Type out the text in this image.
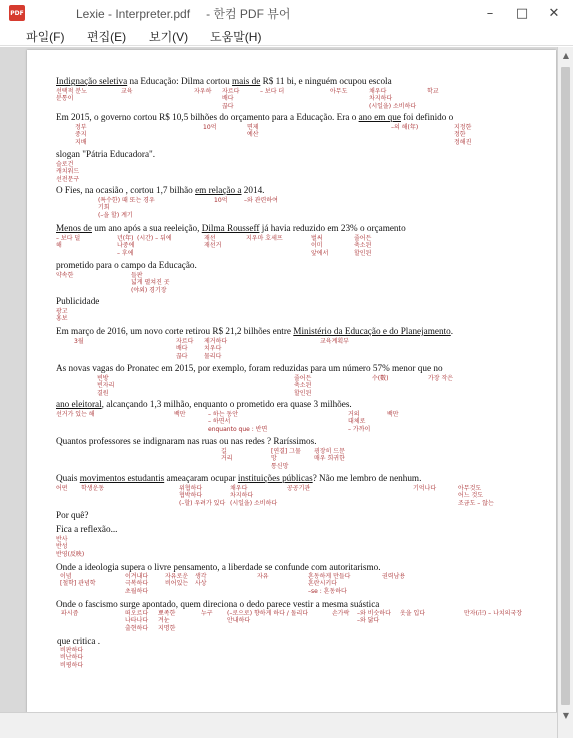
PDF	Lexie - Interpreter.pdf - 한컴 PDF 뷰어	–	□	✕
파일(F) 편집(E) 보기(V) 도움말(H)
Indignação seletiva na Educação: Dilma cortou mais de R$ 11 bi, e ninguém ocupou escola
Em 2015, o governo cortou R$ 10,5 bilhões do orçamento para a Educação. Era o ano em que foi definido o
slogan "Pátria Educadora".
O Fies, na ocasião , cortou 1,7 bilhão em relação a 2014.
Menos de um ano após a sua reeleição, Dilma Rousseff já havia reduzido em 23% o orçamento
prometido para o campo da Educação.
Publicidade
Em março de 2016, um novo corte retirou R$ 21,2 bilhões entre Ministério da Educação e do Planejamento.
As novas vagas do Pronatec em 2015, por exemplo, foram reduzidas para um número 57% menor que no
ano eleitoral, alcançando 1,3 milhão, enquanto o prometido era quase 3 milhões.
Quantos professores se indignaram nas ruas ou nas redes ? Raríssimos.
Quais movimentos estudantis ameaçaram ocupar instituições públicas? Não me lembro de nenhum.
Por quê?
Fica a reflexão...
Onde a ideologia supera o livre pensamento, a liberdade se confunde com autoritarismo.
Onde o fascismo surge apontado, quem direciona o dedo parece vestir a mesma suástica
que critica .
선택적 분노
분통이
교육	자우하 자르다
배다
끊다
– 보다 더	아무도	채우다
차지하다
(시일을) 소비하다
학교
정부
중지
지배
10억	면제
예산
–의 해(年)	지정한
정한
정해진
슬로건
캐치워드
선전문구
(특수한) 때 또는 경우
기회
(–을 할) 계기
10억	–와 관련하여
– 보다 덜
해
년(年)
나중에
– 후에
(시간) – 뒤에	재선
재선거
지우마 호세프	벌써
이미
앞에서
줄어든
축소된
할인된
약속한	들판
넓게 펼쳐진 곳
(야외) 경기장
광고
홍보
3월	자르다
배다
끊다
제거하다
치우다
물리다
교육계획부
빈방
빈자리
결원
줄어든
축소된
할인된
수(數)	가장 작은
선거가 있는 해	백만	– 하는 동안
– 하면서
enquanto que : 반면
거의
대체로
– 가까이
백만
길
거리
[연결] 그물
망
통신망
굉장히 드문
매우 희귀한
어떤 학생운동	위협하다
협박하다
(–할) 우려가 있다
채우다
차지하다
(시일을) 소비하다
공공기관	기억나다	아무것도
어느 것도
조금도 – 않는
반사
반성
반영(反映)
이념
[철학] 관념학
이겨내다
극복하다
초월하다
자유로운
비어있는
생각
사상
자유	혼동하게 만들다
혼란시키다
–se : 혼동하다
권력남용
파시즘	떠오르다
나타나다
출현하다
뾰족한
겨눈
지명한
누구 (–로으로) 향하게 하다 / 돌리다
안내하다
손가락 –와 비슷하다
–와 닮다
옷을 입다	만자(卍) – 나치의국장
비판하다
비난하다
비평하다
▲
▼
